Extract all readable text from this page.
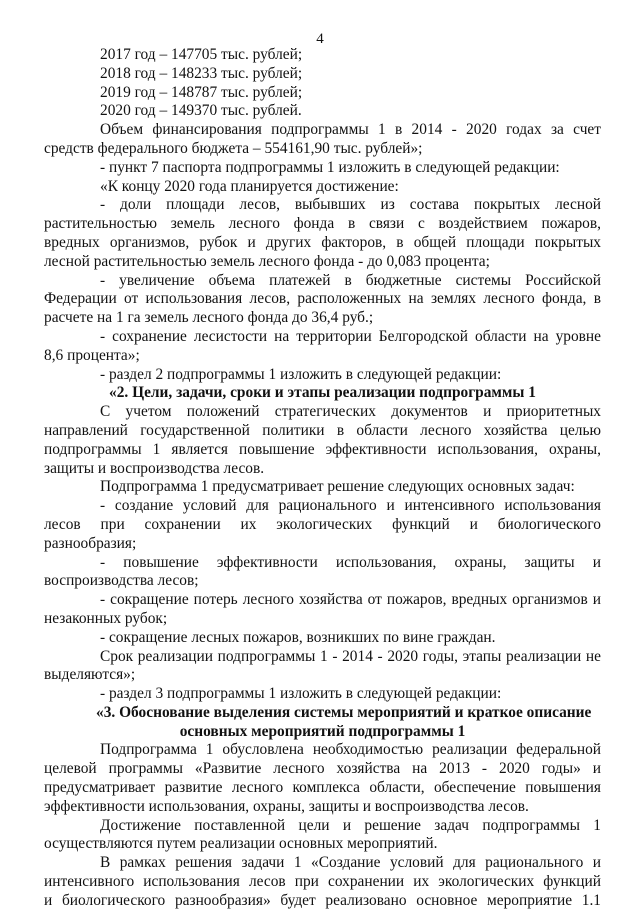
4
2017 год – 147705 тыс. рублей;
2018 год – 148233 тыс. рублей;
2019 год – 148787 тыс. рублей;
2020 год – 149370 тыс. рублей.
Объем финансирования подпрограммы 1 в 2014 - 2020 годах за счет
средств федерального бюджета – 554161,90 тыс. рублей»;
- пункт 7 паспорта подпрограммы 1 изложить в следующей редакции:
«К концу 2020 года планируется достижение:
- доли площади лесов, выбывших из состава покрытых лесной
растительностью земель лесного фонда в связи с воздействием пожаров,
вредных организмов, рубок и других факторов, в общей площади покрытых
лесной растительностью земель лесного фонда - до 0,083 процента;
- увеличение объема платежей в бюджетные системы Российской
Федерации от использования лесов, расположенных на землях лесного фонда, в
расчете на 1 га земель лесного фонда до 36,4 руб.;
- сохранение лесистости на территории Белгородской области на уровне
8,6 процента»;
- раздел 2 подпрограммы 1 изложить в следующей редакции:
«2. Цели, задачи, сроки и этапы реализации подпрограммы 1
С учетом положений стратегических документов и приоритетных
направлений государственной политики в области лесного хозяйства целью
подпрограммы 1 является повышение эффективности использования, охраны,
защиты и воспроизводства лесов.
Подпрограмма 1 предусматривает решение следующих основных задач:
- создание условий для рационального и интенсивного использования
лесов при сохранении их экологических функций и биологического
разнообразия;
- повышение эффективности использования, охраны, защиты и
воспроизводства лесов;
- сокращение потерь лесного хозяйства от пожаров, вредных организмов и
незаконных рубок;
- сокращение лесных пожаров, возникших по вине граждан.
Срок реализации подпрограммы 1 - 2014 - 2020 годы, этапы реализации не
выделяются»;
- раздел 3 подпрограммы 1 изложить в следующей редакции:
«3. Обоснование выделения системы мероприятий и краткое описание
основных мероприятий подпрограммы 1
Подпрограмма 1 обусловлена необходимостью реализации федеральной
целевой программы «Развитие лесного хозяйства на 2013 - 2020 годы» и
предусматривает развитие лесного комплекса области, обеспечение повышения
эффективности использования, охраны, защиты и воспроизводства лесов.
Достижение поставленной цели и решение задач подпрограммы 1
осуществляются путем реализации основных мероприятий.
В рамках решения задачи 1 «Создание условий для рационального и
интенсивного использования лесов при сохранении их экологических функций
и биологического разнообразия» будет реализовано основное мероприятие 1.1
